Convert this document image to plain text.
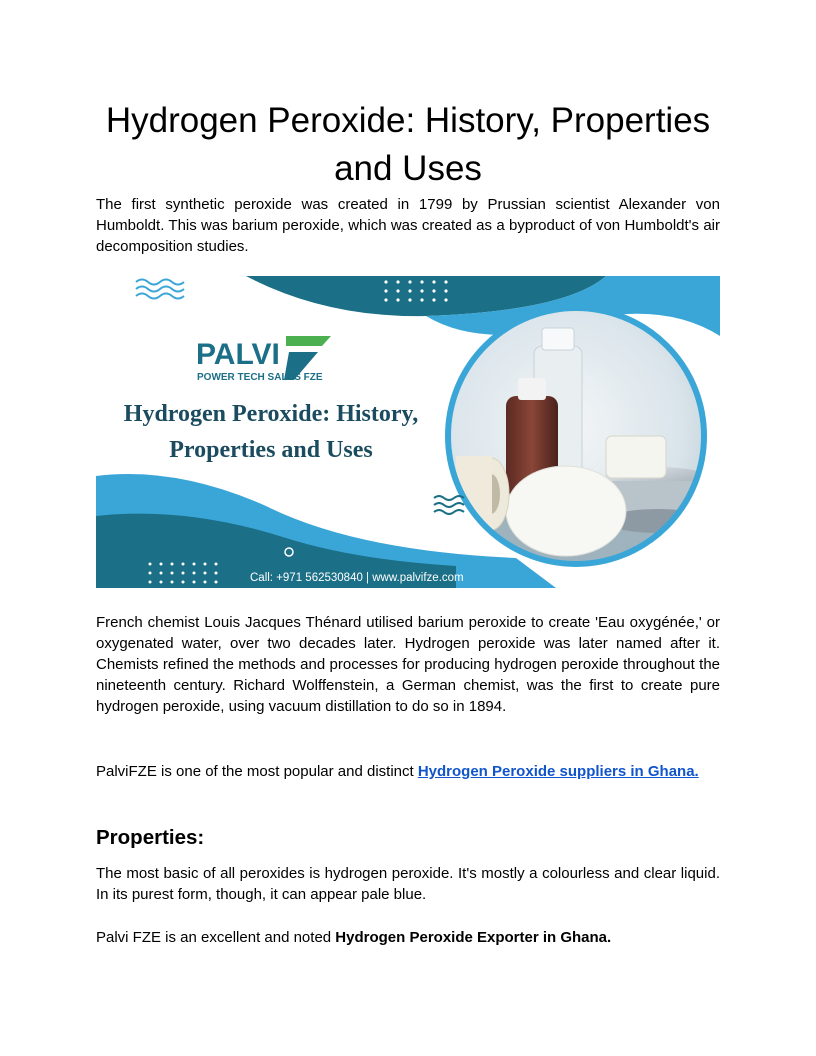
Hydrogen Peroxide: History, Properties
and Uses

The first synthetic peroxide was created in 1799 by Prussian scientist Alexander von Humboldt. This was barium peroxide, which was created as a byproduct of von Humboldt's air decomposition studies.

PALVI
POWER TECH SALES FZE
Hydrogen Peroxide: History,
Properties and Uses
Call: +971 562530840 | www.palvifze.com

French chemist Louis Jacques Thénard utilised barium peroxide to create 'Eau oxygénée,' or oxygenated water, over two decades later. Hydrogen peroxide was later named after it. Chemists refined the methods and processes for producing hydrogen peroxide throughout the nineteenth century. Richard Wolffenstein, a German chemist, was the first to create pure hydrogen peroxide, using vacuum distillation to do so in 1894.

PalviFZE is one of the most popular and distinct Hydrogen Peroxide suppliers in Ghana.

Properties:

The most basic of all peroxides is hydrogen peroxide. It's mostly a colourless and clear liquid. In its purest form, though, it can appear pale blue.

Palvi FZE is an excellent and noted Hydrogen Peroxide Exporter in Ghana.
